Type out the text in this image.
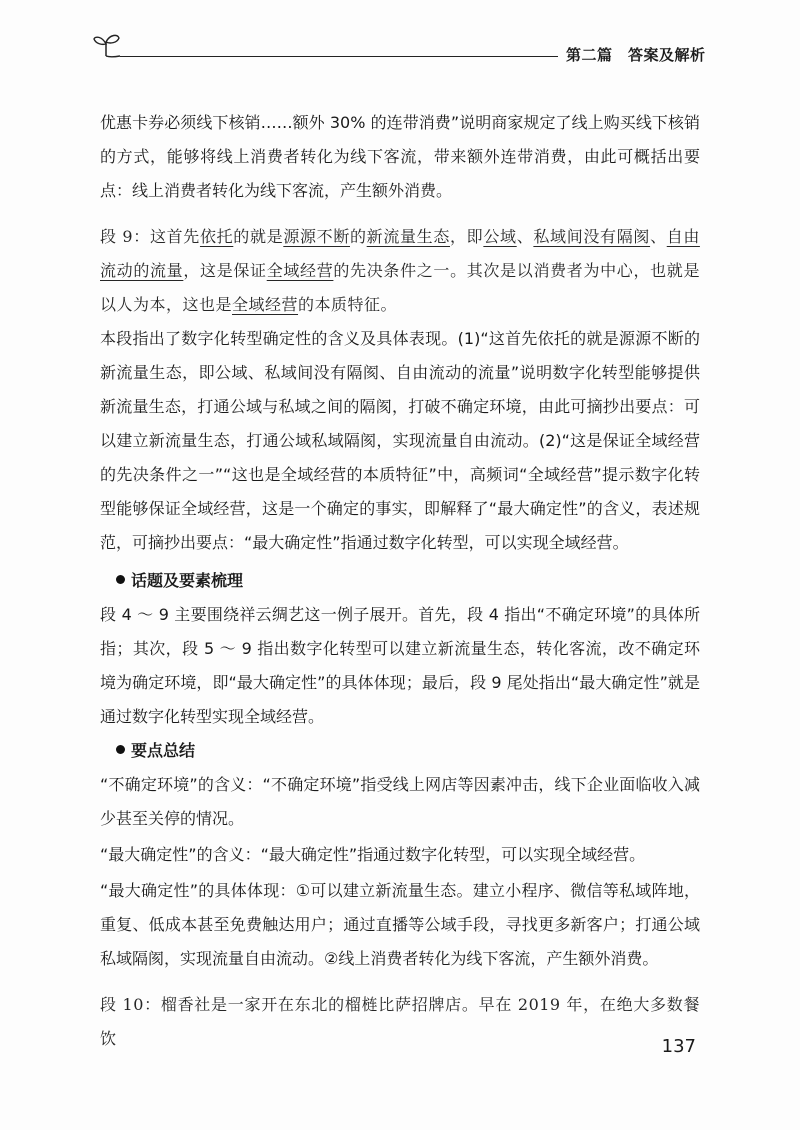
第二篇　答案及解析

优惠卡券必须线下核销……额外 30% 的连带消费”说明商家规定了线上购买线下核销的方式，能够将线上消费者转化为线下客流，带来额外连带消费，由此可概括出要点：线上消费者转化为线下客流，产生额外消费。

段 9：这首先依托的就是源源不断的新流量生态，即公域、私域间没有隔阂、自由流动的流量，这是保证全域经营的先决条件之一。其次是以消费者为中心，也就是以人为本，这也是全域经营的本质特征。

本段指出了数字化转型确定性的含义及具体表现。(1)“这首先依托的就是源源不断的新流量生态，即公域、私域间没有隔阂、自由流动的流量”说明数字化转型能够提供新流量生态，打通公域与私域之间的隔阂，打破不确定环境，由此可摘抄出要点：可以建立新流量生态，打通公域私域隔阂，实现流量自由流动。(2)“这是保证全域经营的先决条件之一”“这也是全域经营的本质特征”中，高频词“全域经营”提示数字化转型能够保证全域经营，这是一个确定的事实，即解释了“最大确定性”的含义，表述规范，可摘抄出要点：“最大确定性”指通过数字化转型，可以实现全域经营。

话题及要素梳理

段 4 ～ 9 主要围绕祥云绸艺这一例子展开。首先，段 4 指出“不确定环境”的具体所指；其次，段 5 ～ 9 指出数字化转型可以建立新流量生态，转化客流，改不确定环境为确定环境，即“最大确定性”的具体体现；最后，段 9 尾处指出“最大确定性”就是通过数字化转型实现全域经营。

要点总结

“不确定环境”的含义：“不确定环境”指受线上网店等因素冲击，线下企业面临收入减少甚至关停的情况。

“最大确定性”的含义：“最大确定性”指通过数字化转型，可以实现全域经营。

“最大确定性”的具体体现：①可以建立新流量生态。建立小程序、微信等私域阵地，重复、低成本甚至免费触达用户；通过直播等公域手段，寻找更多新客户；打通公域私域隔阂，实现流量自由流动。②线上消费者转化为线下客流，产生额外消费。

段 10：榴香社是一家开在东北的榴梿比萨招牌店。早在 2019 年，在绝大多数餐饮	137
